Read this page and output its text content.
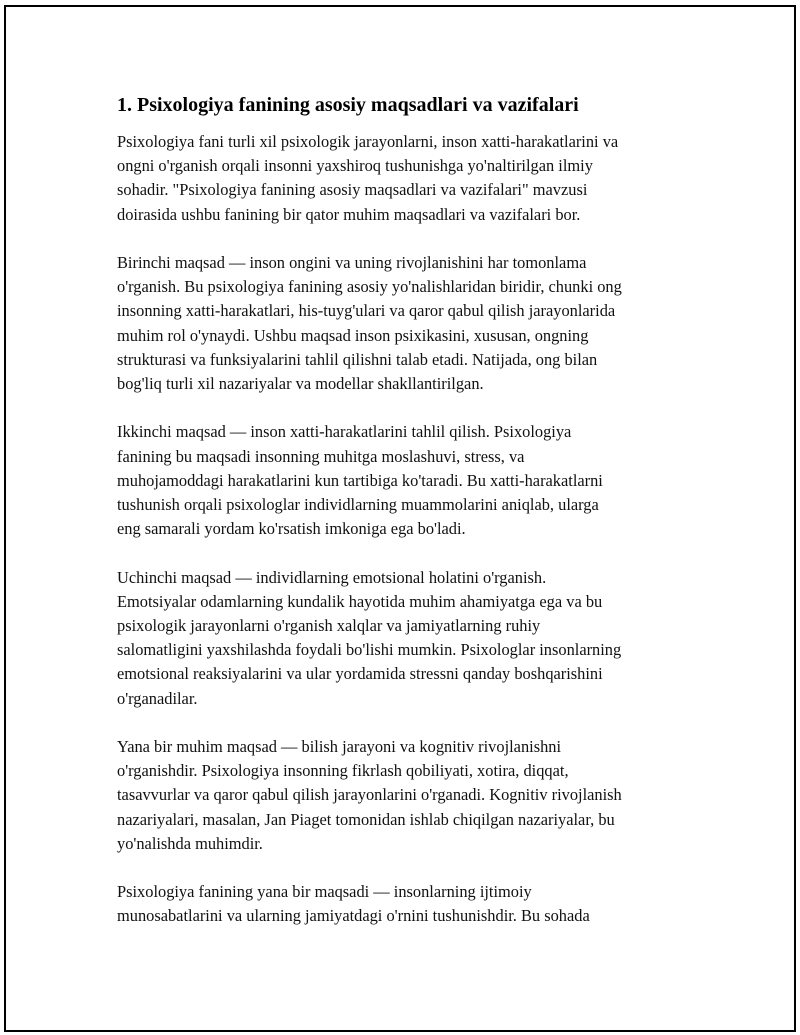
1. Psixologiya fanining asosiy maqsadlari va vazifalari

Psixologiya fani turli xil psixologik jarayonlarni, inson xatti-harakatlarini va
ongni o'rganish orqali insonni yaxshiroq tushunishga yo'naltirilgan ilmiy
sohadir. "Psixologiya fanining asosiy maqsadlari va vazifalari" mavzusi
doirasida ushbu fanining bir qator muhim maqsadlari va vazifalari bor.

Birinchi maqsad — inson ongini va uning rivojlanishini har tomonlama
o'rganish. Bu psixologiya fanining asosiy yo'nalishlaridan biridir, chunki ong
insonning xatti-harakatlari, his-tuyg'ulari va qaror qabul qilish jarayonlarida
muhim rol o'ynaydi. Ushbu maqsad inson psixikasini, xususan, ongning
strukturasi va funksiyalarini tahlil qilishni talab etadi. Natijada, ong bilan
bog'liq turli xil nazariyalar va modellar shakllantirilgan.

Ikkinchi maqsad — inson xatti-harakatlarini tahlil qilish. Psixologiya
fanining bu maqsadi insonning muhitga moslashuvi, stress, va
muhojamoddagi harakatlarini kun tartibiga ko'taradi. Bu xatti-harakatlarni
tushunish orqali psixologlar individlarning muammolarini aniqlab, ularga
eng samarali yordam ko'rsatish imkoniga ega bo'ladi.

Uchinchi maqsad — individlarning emotsional holatini o'rganish.
Emotsiyalar odamlarning kundalik hayotida muhim ahamiyatga ega va bu
psixologik jarayonlarni o'rganish xalqlar va jamiyatlarning ruhiy
salomatligini yaxshilashda foydali bo'lishi mumkin. Psixologlar insonlarning
emotsional reaksiyalarini va ular yordamida stressni qanday boshqarishini
o'rganadilar.

Yana bir muhim maqsad — bilish jarayoni va kognitiv rivojlanishni
o'rganishdir. Psixologiya insonning fikrlash qobiliyati, xotira, diqqat,
tasavvurlar va qaror qabul qilish jarayonlarini o'rganadi. Kognitiv rivojlanish
nazariyalari, masalan, Jan Piaget tomonidan ishlab chiqilgan nazariyalar, bu
yo'nalishda muhimdir.

Psixologiya fanining yana bir maqsadi — insonlarning ijtimoiy
munosabatlarini va ularning jamiyatdagi o'rnini tushunishdir. Bu sohada
